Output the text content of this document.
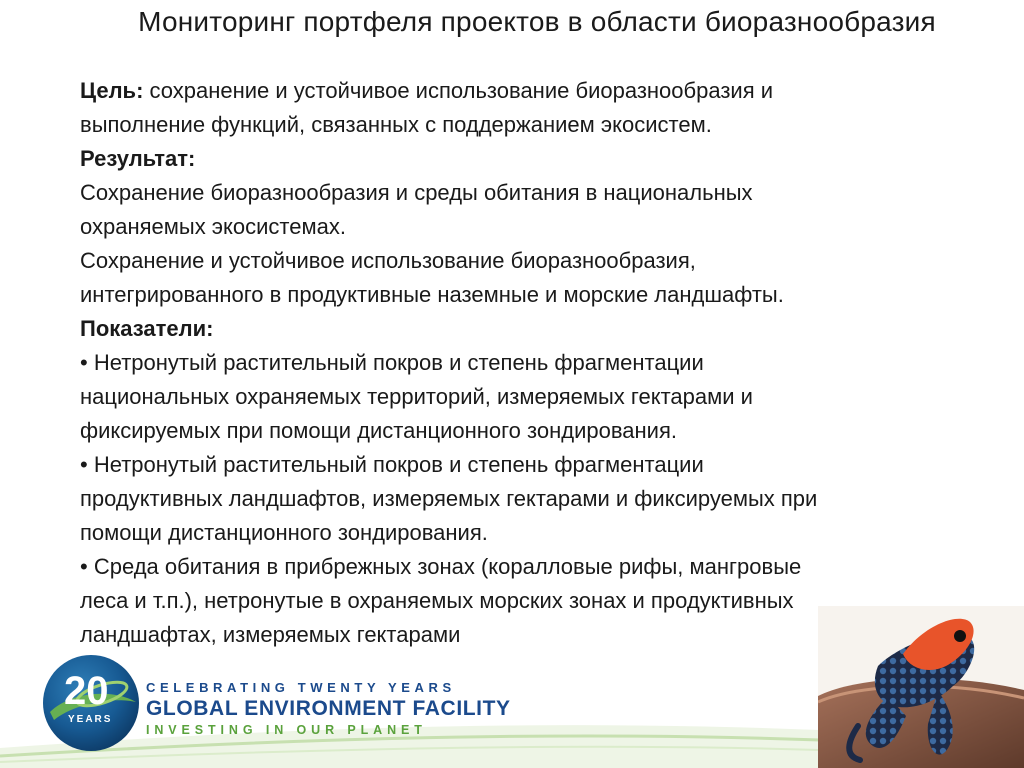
Мониторинг портфеля проектов в области биоразнообразия
Цель: сохранение и устойчивое использование биоразнообразия и
выполнение функций, связанных с поддержанием экосистем.
Результат:
Сохранение биоразнообразия и среды обитания в национальных
охраняемых экосистемах.
Сохранение и устойчивое использование биоразнообразия,
интегрированного в продуктивные наземные и морские ландшафты.
Показатели:
• Нетронутый растительный покров и степень фрагментации
национальных охраняемых территорий, измеряемых гектарами и
фиксируемых при помощи дистанционного зондирования.
• Нетронутый растительный покров и степень фрагментации
продуктивных ландшафтов, измеряемых гектарами и фиксируемых при
помощи дистанционного зондирования.
• Среда обитания в прибрежных зонах (коралловые рифы, мангровые
леса и т.п.), нетронутые в охраняемых морских зонах и продуктивных
ландшафтах, измеряемых гектарами
20
YEARS
CELEBRATING TWENTY YEARS
GLOBAL ENVIRONMENT FACILITY
INVESTING IN OUR PLANET
